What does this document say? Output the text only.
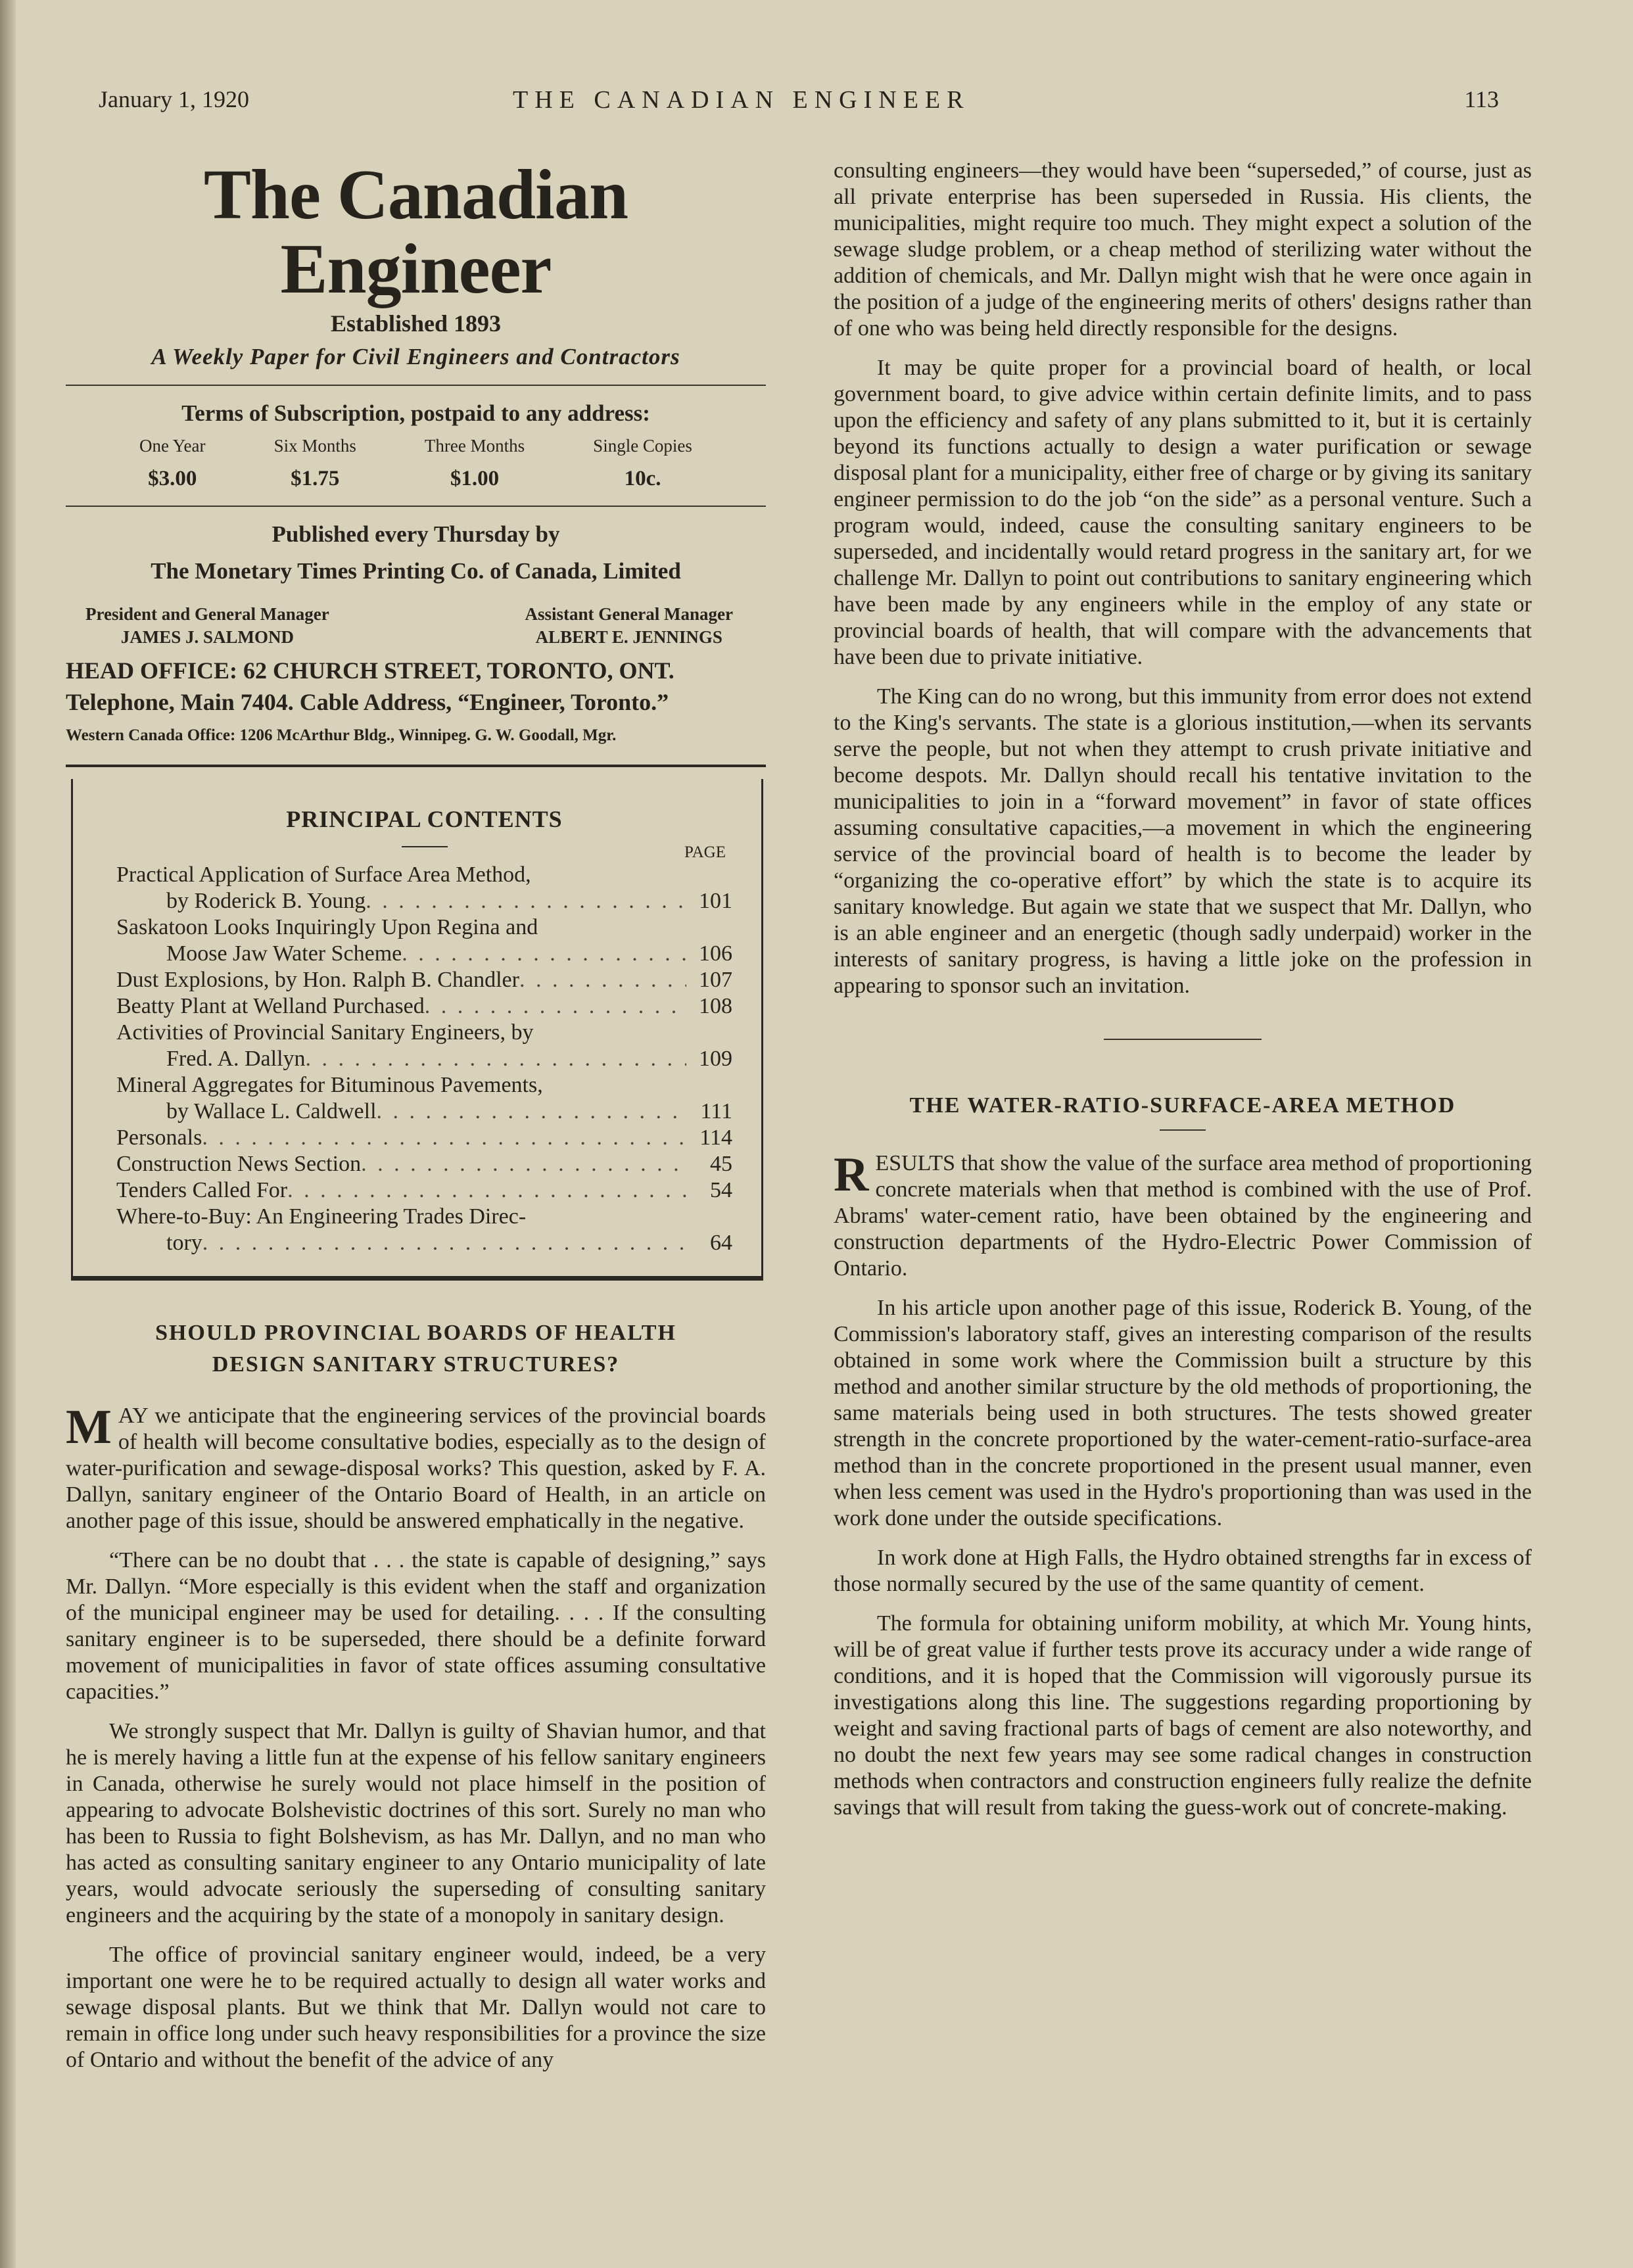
January 1, 1920	THE CANADIAN ENGINEER	113
The Canadian Engineer
Established 1893
A Weekly Paper for Civil Engineers and Contractors
Terms of Subscription, postpaid to any address:
One Year
$3.00
Six Months
$1.75
Three Months
$1.00
Single Copies
10c.
Published every Thursday by
The Monetary Times Printing Co. of Canada, Limited
President and General Manager
JAMES J. SALMOND
Assistant General Manager
ALBERT E. JENNINGS
HEAD OFFICE: 62 CHURCH STREET, TORONTO, ONT.
Telephone, Main 7404. Cable Address, “Engineer, Toronto.”
Western Canada Office: 1206 McArthur Bldg., Winnipeg. G. W. Goodall, Mgr.
PRINCIPAL CONTENTS
PAGE
Practical Application of Surface Area Method,
by Roderick B. Young . . .	101
Saskatoon Looks Inquiringly Upon Regina and
Moose Jaw Water Scheme . . .	106
Dust Explosions, by Hon. Ralph B. Chandler . . .	107
Beatty Plant at Welland Purchased . . .	108
Activities of Provincial Sanitary Engineers, by
Fred. A. Dallyn . . .	109
Mineral Aggregates for Bituminous Pavements,
by Wallace L. Caldwell . . .	111
Personals . . .	114
Construction News Section . . .	45
Tenders Called For . . .	54
Where-to-Buy: An Engineering Trades Direc-
tory . . .	64
SHOULD PROVINCIAL BOARDS OF HEALTH
DESIGN SANITARY STRUCTURES?

MAY we anticipate that the engineering services of the provincial boards of health will become consultative bodies, especially as to the design of water-purification and sewage-disposal works? This question, asked by F. A. Dallyn, sanitary engineer of the Ontario Board of Health, in an article on another page of this issue, should be answered emphatically in the negative.

“There can be no doubt that . . . the state is capable of designing,” says Mr. Dallyn. “More especially is this evident when the staff and organization of the municipal engineer may be used for detailing. . . . If the consulting sanitary engineer is to be superseded, there should be a definite forward movement of municipalities in favor of state offices assuming consultative capacities.”

We strongly suspect that Mr. Dallyn is guilty of Shavian humor, and that he is merely having a little fun at the expense of his fellow sanitary engineers in Canada, otherwise he surely would not place himself in the position of appearing to advocate Bolshevistic doctrines of this sort. Surely no man who has been to Russia to fight Bolshevism, as has Mr. Dallyn, and no man who has acted as consulting sanitary engineer to any Ontario municipality of late years, would advocate seriously the superseding of consulting sanitary engineers and the acquiring by the state of a monopoly in sanitary design.

The office of provincial sanitary engineer would, indeed, be a very important one were he to be required actually to design all water works and sewage disposal plants. But we think that Mr. Dallyn would not care to remain in office long under such heavy responsibilities for a province the size of Ontario and without the benefit of the advice of any

consulting engineers—they would have been “superseded,” of course, just as all private enterprise has been superseded in Russia. His clients, the municipalities, might require too much. They might expect a solution of the sewage sludge problem, or a cheap method of sterilizing water without the addition of chemicals, and Mr. Dallyn might wish that he were once again in the position of a judge of the engineering merits of others' designs rather than of one who was being held directly responsible for the designs.

It may be quite proper for a provincial board of health, or local government board, to give advice within certain definite limits, and to pass upon the efficiency and safety of any plans submitted to it, but it is certainly beyond its functions actually to design a water purification or sewage disposal plant for a municipality, either free of charge or by giving its sanitary engineer permission to do the job “on the side” as a personal venture. Such a program would, indeed, cause the consulting sanitary engineers to be superseded, and incidentally would retard progress in the sanitary art, for we challenge Mr. Dallyn to point out contributions to sanitary engineering which have been made by any engineers while in the employ of any state or provincial boards of health, that will compare with the advancements that have been due to private initiative.

The King can do no wrong, but this immunity from error does not extend to the King's servants. The state is a glorious institution,—when its servants serve the people, but not when they attempt to crush private initiative and become despots. Mr. Dallyn should recall his tentative invitation to the municipalities to join in a “forward movement” in favor of state offices assuming consultative capacities,—a movement in which the engineering service of the provincial board of health is to become the leader by “organizing the co-operative effort” by which the state is to acquire its sanitary knowledge. But again we state that we suspect that Mr. Dallyn, who is an able engineer and an energetic (though sadly underpaid) worker in the interests of sanitary progress, is having a little joke on the profession in appearing to sponsor such an invitation.

THE WATER-RATIO-SURFACE-AREA METHOD

RESULTS that show the value of the surface area method of proportioning concrete materials when that method is combined with the use of Prof. Abrams' water-cement ratio, have been obtained by the engineering and construction departments of the Hydro-Electric Power Commission of Ontario.

In his article upon another page of this issue, Roderick B. Young, of the Commission's laboratory staff, gives an interesting comparison of the results obtained in some work where the Commission built a structure by this method and another similar structure by the old methods of proportioning, the same materials being used in both structures. The tests showed greater strength in the concrete proportioned by the water-cement-ratio-surface-area method than in the concrete proportioned in the present usual manner, even when less cement was used in the Hydro's proportioning than was used in the work done under the outside specifications.

In work done at High Falls, the Hydro obtained strengths far in excess of those normally secured by the use of the same quantity of cement.

The formula for obtaining uniform mobility, at which Mr. Young hints, will be of great value if further tests prove its accuracy under a wide range of conditions, and it is hoped that the Commission will vigorously pursue its investigations along this line. The suggestions regarding proportioning by weight and saving fractional parts of bags of cement are also noteworthy, and no doubt the next few years may see some radical changes in construction methods when contractors and construction engineers fully realize the defnite savings that will result from taking the guess-work out of concrete-making.
